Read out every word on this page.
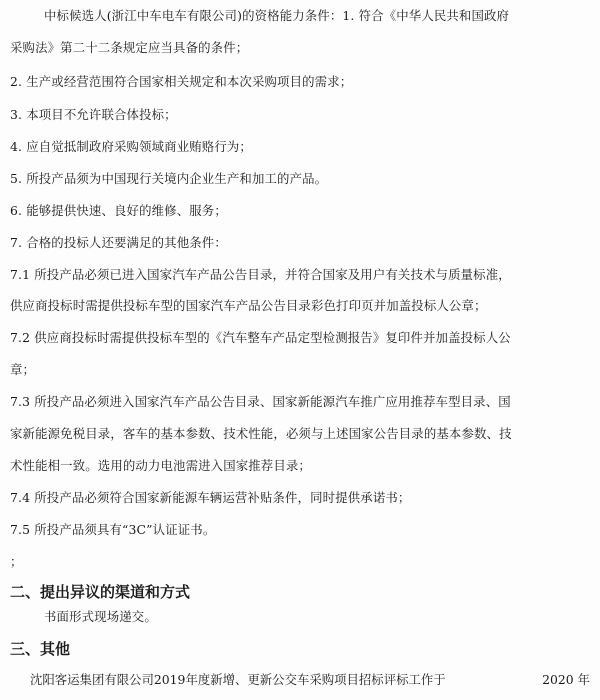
中标候选人(浙江中车电车有限公司)的资格能力条件：1. 符合《中华人民共和国政府
采购法》第二十二条规定应当具备的条件；
2. 生产或经营范围符合国家相关规定和本次采购项目的需求；
3. 本项目不允许联合体投标；
4. 应自觉抵制政府采购领域商业贿赂行为；
5. 所投产品须为中国现行关境内企业生产和加工的产品。
6. 能够提供快速、良好的维修、服务；
7. 合格的投标人还要满足的其他条件：
7.1 所投产品必须已进入国家汽车产品公告目录，并符合国家及用户有关技术与质量标准，
供应商投标时需提供投标车型的国家汽车产品公告目录彩色打印页并加盖投标人公章；
7.2 供应商投标时需提供投标车型的《汽车整车产品定型检测报告》复印件并加盖投标人公
章；
7.3 所投产品必须进入国家汽车产品公告目录、国家新能源汽车推广应用推荐车型目录、国
家新能源免税目录，客车的基本参数、技术性能，必须与上述国家公告目录的基本参数、技
术性能相一致。选用的动力电池需进入国家推荐目录；
7.4 所投产品必须符合国家新能源车辆运营补贴条件，同时提供承诺书；
7.5 所投产品须具有“3C”认证证书。
；
二、提出异议的渠道和方式
书面形式现场递交。
三、其他
沈阳客运集团有限公司2019年度新增、更新公交车采购项目招标评标工作于	2020 年
